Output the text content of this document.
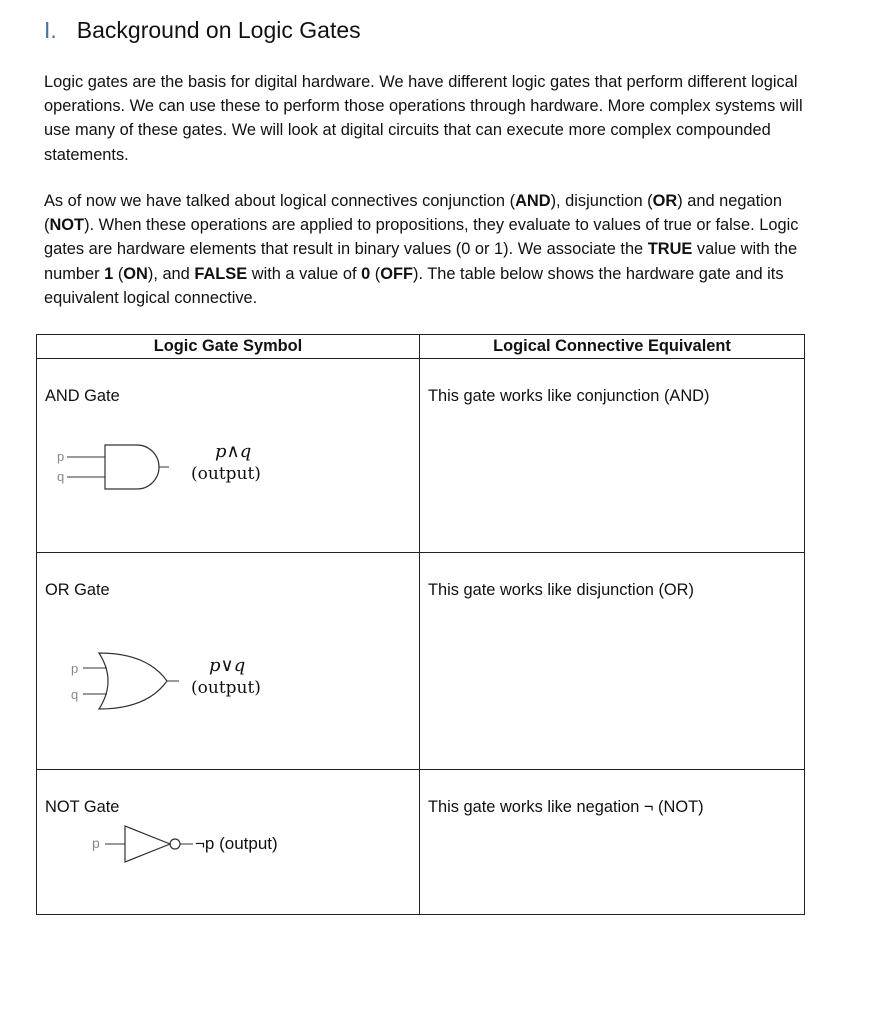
I. Background on Logic Gates
Logic gates are the basis for digital hardware. We have different logic gates that perform different logical operations. We can use these to perform those operations through hardware. More complex systems will use many of these gates. We will look at digital circuits that can execute more complex compounded statements.
As of now we have talked about logical connectives conjunction (AND), disjunction (OR) and negation (NOT). When these operations are applied to propositions, they evaluate to values of true or false. Logic gates are hardware elements that result in binary values (0 or 1). We associate the TRUE value with the number 1 (ON), and FALSE with a value of 0 (OFF). The table below shows the hardware gate and its equivalent logical connective.
Logic Gate Symbol	Logical Connective Equivalent

AND Gate
p
q
p∧q
(output)	This gate works like conjunction (AND)

OR Gate
p
q
p∨q
(output)	This gate works like disjunction (OR)

NOT Gate
p ¬p (output)	This gate works like negation ¬ (NOT)
